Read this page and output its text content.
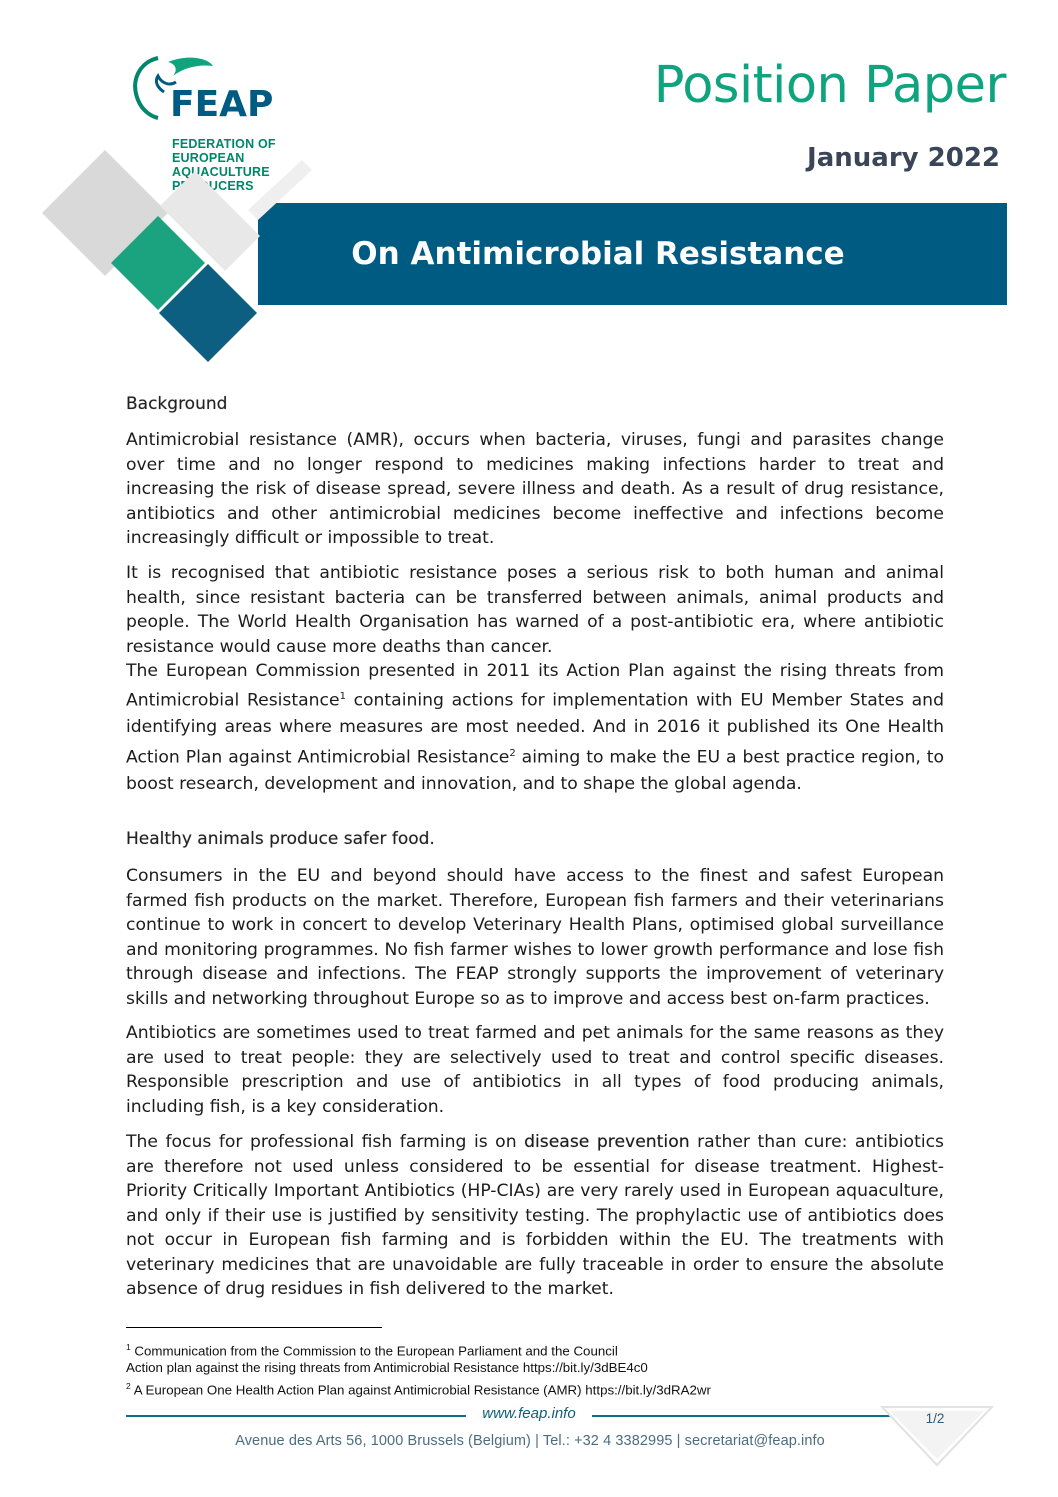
FEAP
FEDERATION OF
EUROPEAN
AQUACULTURE
PRODUCERS
Position Paper
January 2022
On Antimicrobial Resistance
Background

Antimicrobial resistance (AMR), occurs when bacteria, viruses, fungi and parasites change over time and no longer respond to medicines making infections harder to treat and increasing the risk of disease spread, severe illness and death. As a result of drug resistance, antibiotics and other antimicrobial medicines become ineffective and infections become increasingly difficult or impossible to treat.

It is recognised that antibiotic resistance poses a serious risk to both human and animal health, since resistant bacteria can be transferred between animals, animal products and people. The World Health Organisation has warned of a post-antibiotic era, where antibiotic resistance would cause more deaths than cancer.

The European Commission presented in 2011 its Action Plan against the rising threats from Antimicrobial Resistance$^1$ containing actions for implementation with EU Member States and identifying areas where measures are most needed. And in 2016 it published its One Health Action Plan against Antimicrobial Resistance$^2$ aiming to make the EU a best practice region, to boost research, development and innovation, and to shape the global agenda.

Healthy animals produce safer food.

Consumers in the EU and beyond should have access to the finest and safest European farmed fish products on the market. Therefore, European fish farmers and their veterinarians continue to work in concert to develop Veterinary Health Plans, optimised global surveillance and monitoring programmes. No fish farmer wishes to lower growth performance and lose fish through disease and infections. The FEAP strongly supports the improvement of veterinary skills and networking throughout Europe so as to improve and access best on-farm practices.

Antibiotics are sometimes used to treat farmed and pet animals for the same reasons as they are used to treat people: they are selectively used to treat and control specific diseases. Responsible prescription and use of antibiotics in all types of food producing animals, including fish, is a key consideration.

The focus for professional fish farming is on disease prevention rather than cure: antibiotics are therefore not used unless considered to be essential for disease treatment. Highest-Priority Critically Important Antibiotics (HP-CIAs) are very rarely used in European aquaculture, and only if their use is justified by sensitivity testing. The prophylactic use of antibiotics does not occur in European fish farming and is forbidden within the EU. The treatments with veterinary medicines that are unavoidable are fully traceable in order to ensure the absolute absence of drug residues in fish delivered to the market.

$^1$ Communication from the Commission to the European Parliament and the Council
Action plan against the rising threats from Antimicrobial Resistance https://bit.ly/3dBE4c0
$^2$ A European One Health Action Plan against Antimicrobial Resistance (AMR) https://bit.ly/3dRA2wr
www.feap.info	1/2
Avenue des Arts 56, 1000 Brussels (Belgium) | Tel.: +32 4 3382995 | secretariat@feap.info
